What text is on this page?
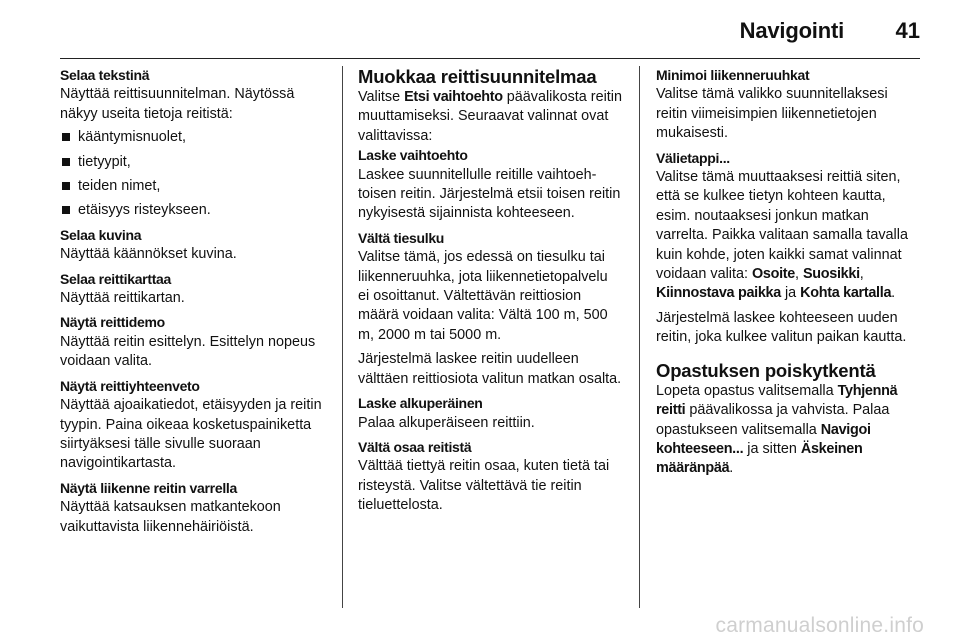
Navigointi 41
Selaa tekstinä

Näyttää reittisuunnitelman. Näytössä näkyy useita tietoja reitistä:

kääntymisnuolet,
tietyypit,
teiden nimet,
etäisyys risteykseen.
Selaa kuvina

Näyttää käännökset kuvina.

Selaa reittikarttaa

Näyttää reittikartan.

Näytä reittidemo

Näyttää reitin esittelyn. Esittelyn nopeus voidaan valita.

Näytä reittiyhteenveto

Näyttää ajoaikatiedot, etäisyyden ja reitin tyypin. Paina oikeaa kosketuspainiketta siirtyäksesi tälle sivulle suoraan navigointikartasta.

Näytä liikenne reitin varrella

Näyttää katsauksen matkantekoon vaikuttavista liikennehäiriöistä.

Muokkaa reittisuunnitelmaa

Valitse Etsi vaihtoehto päävalikosta reitin muuttamiseksi. Seuraavat valinnat ovat valittavissa:

Laske vaihtoehto

Laskee suunnitellulle reitille vaihtoehtoisen reitin. Järjestelmä etsii toisen reitin nykyisestä sijainnista kohteeseen.

Vältä tiesulku

Valitse tämä, jos edessä on tiesulku tai liikenneruuhka, jota liikennetietopalvelu ei osoittanut. Vältettävän reittiosion määrä voidaan valita: Vältä 100 m, 500 m, 2000 m tai 5000 m.

Järjestelmä laskee reitin uudelleen välttäen reittiosiota valitun matkan osalta.

Laske alkuperäinen

Palaa alkuperäiseen reittiin.

Vältä osaa reitistä

Välttää tiettyä reitin osaa, kuten tietä tai risteystä. Valitse vältettävä tie reitin tieluettelosta.

Minimoi liikenneruuhkat

Valitse tämä valikko suunnitellaksesi reitin viimeisimpien liikennetietojen mukaisesti.

Välietappi...

Valitse tämä muuttaaksesi reittiä siten, että se kulkee tietyn kohteen kautta, esim. noutaaksesi jonkun matkan varrelta. Paikka valitaan samalla tavalla kuin kohde, joten kaikki samat valinnat voidaan valita: Osoite, Suosikki, Kiinnostava paikka ja Kohta kartalla.

Järjestelmä laskee kohteeseen uuden reitin, joka kulkee valitun paikan kautta.

Opastuksen poiskytkentä

Lopeta opastus valitsemalla Tyhjennä reitti päävalikossa ja vahvista. Palaa opastukseen valitsemalla Navigoi kohteeseen... ja sitten Äskeinen määränpää.

carmanualsonline.info
